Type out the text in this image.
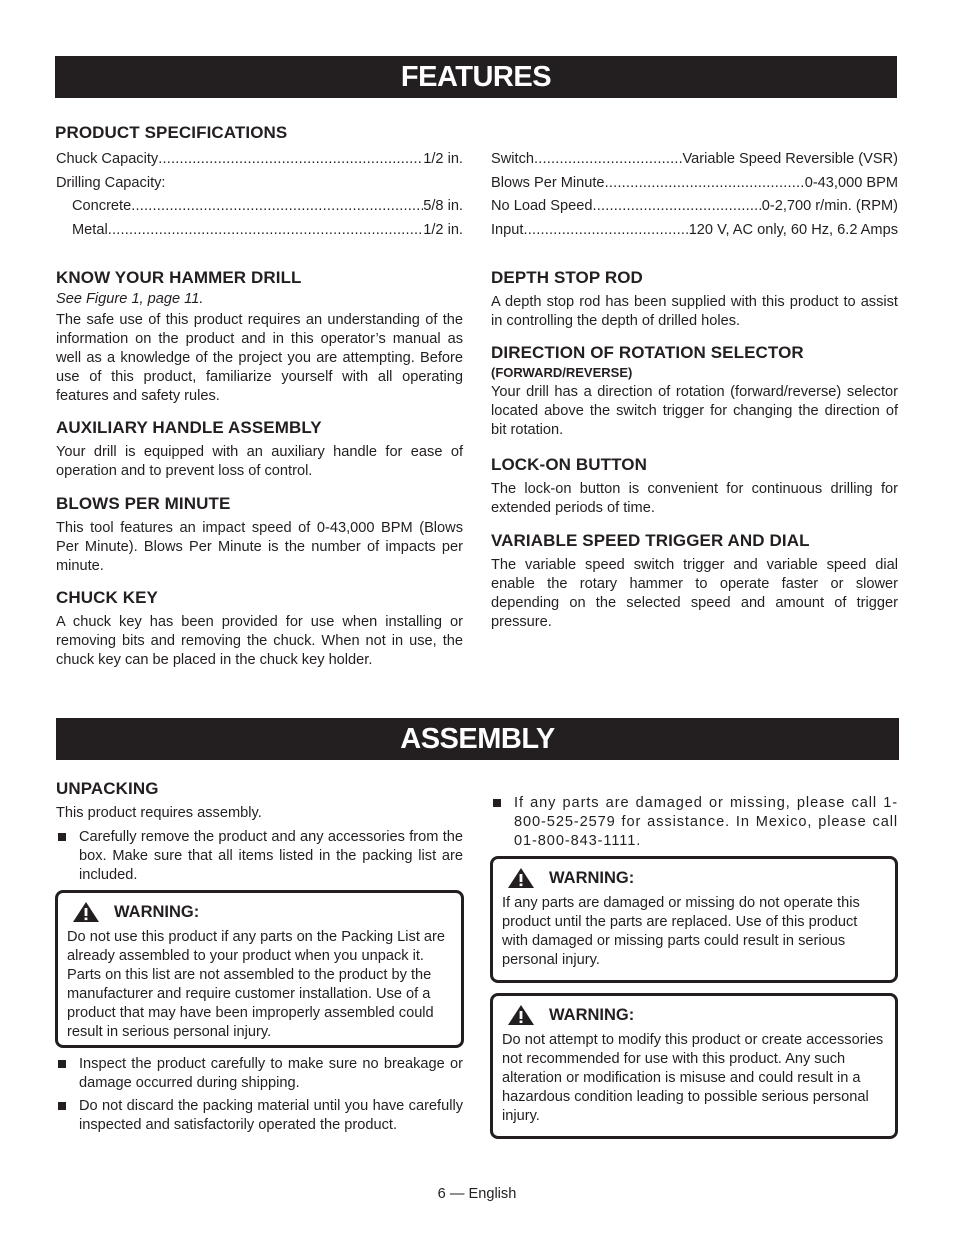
FEATURES

PRODUCT SPECIFICATIONS

Chuck Capacity .....	1/2 in.
Drilling Capacity:
Concrete .....	5/8 in.
Metal .....	1/2 in.
Switch .....	Variable Speed Reversible (VSR)
Blows Per Minute .....	0-43,000 BPM
No Load Speed .....	0-2,700 r/min. (RPM)
Input .....	120 V, AC only, 60 Hz, 6.2 Amps

KNOW YOUR HAMMER DRILL

See Figure 1, page 11.

The safe use of this product requires an understanding of the information on the product and in this operator’s manual as well as a knowledge of the project you are attempting. Before use of this product, familiarize yourself with all operating features and safety rules.

AUXILIARY HANDLE ASSEMBLY

Your drill is equipped with an auxiliary handle for ease of operation and to prevent loss of control.

BLOWS PER MINUTE

This tool features an impact speed of 0-43,000 BPM (Blows Per Minute). Blows Per Minute is the number of impacts per minute.

CHUCK KEY

A chuck key has been provided for use when installing or removing bits and removing the chuck. When not in use, the chuck key can be placed in the chuck key holder.

DEPTH STOP ROD

A depth stop rod has been supplied with this product to assist in controlling the depth of drilled holes.

DIRECTION OF ROTATION SELECTOR

(FORWARD/REVERSE)

Your drill has a direction of rotation (forward/reverse) selector located above the switch trigger for changing the direction of bit rotation.

LOCK-ON BUTTON

The lock-on button is convenient for continuous drilling for extended periods of time.

VARIABLE SPEED TRIGGER AND DIAL

The variable speed switch trigger and variable speed dial enable the rotary hammer to operate faster or slower depending on the selected speed and amount of trigger pressure.

ASSEMBLY

UNPACKING

This product requires assembly.

Carefully remove the product and any accessories from the box. Make sure that all items listed in the packing list are included.
WARNING:

Do not use this product if any parts on the Packing List are already assembled to your product when you unpack it. Parts on this list are not assembled to the product by the manufacturer and require customer installation. Use of a product that may have been improperly assembled could result in serious personal injury.

Inspect the product carefully to make sure no breakage or damage occurred during shipping.
Do not discard the packing material until you have carefully inspected and satisfactorily operated the product.
If any parts are damaged or missing, please call 1-800-525-2579 for assistance. In Mexico, please call 01-800-843-1111.
WARNING:

If any parts are damaged or missing do not operate this product until the parts are replaced. Use of this product with damaged or missing parts could result in serious personal injury.

WARNING:

Do not attempt to modify this product or create accessories not recommended for use with this product. Any such alteration or modification is misuse and could result in a hazardous condition leading to possible serious personal injury.

6 — English
